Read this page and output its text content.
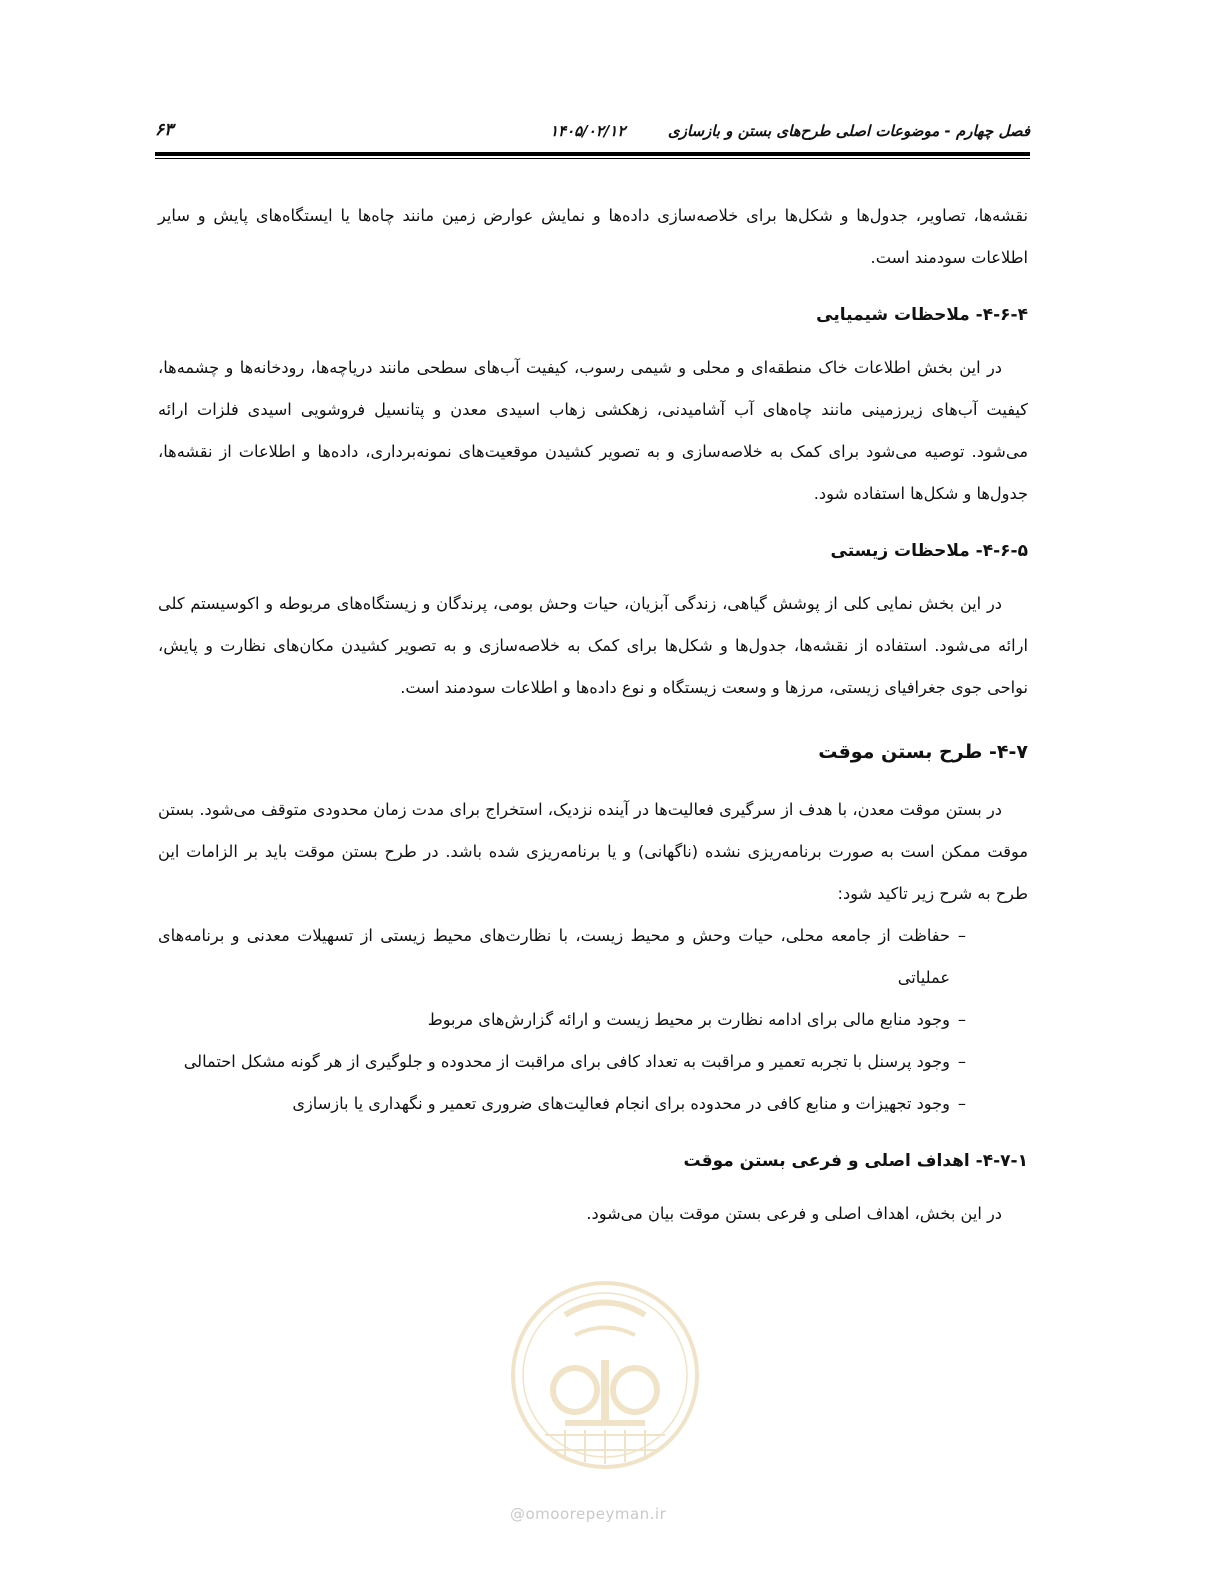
فصل چهارم - موضوعات اصلی طرح‌های بستن و بازسازی
۱۴۰۵/۰۲/۱۲
۶۳

نقشه‌ها، تصاویر، جدول‌ها و شکل‌ها برای خلاصه‌سازی داده‌ها و نمایش عوارض زمین مانند چاه‌ها یا ایستگاه‌های پایش و سایر اطلاعات سودمند است.

۴-۶-۴- ملاحظات شیمیایی

در این بخش اطلاعات خاک منطقه‌ای و محلی و شیمی رسوب، کیفیت آب‌های سطحی مانند دریاچه‌ها، رودخانه‌ها و چشمه‌ها، کیفیت آب‌های زیرزمینی مانند چاه‌های آب آشامیدنی، زهکشی زهاب اسیدی معدن و پتانسیل فروشویی اسیدی فلزات ارائه می‌شود. توصیه می‌شود برای کمک به خلاصه‌سازی و به تصویر کشیدن موقعیت‌های نمونه‌برداری، داده‌ها و اطلاعات از نقشه‌ها، جدول‌ها و شکل‌ها استفاده شود.

۴-۶-۵- ملاحظات زیستی

در این بخش نمایی کلی از پوشش گیاهی، زندگی آبزیان، حیات وحش بومی، پرندگان و زیستگاه‌های مربوطه و اکوسیستم کلی ارائه می‌شود. استفاده از نقشه‌ها، جدول‌ها و شکل‌ها برای کمک به خلاصه‌سازی و به تصویر کشیدن مکان‌های نظارت و پایش، نواحی جوی جغرافیای زیستی، مرزها و وسعت زیستگاه و نوع داده‌ها و اطلاعات سودمند است.

۴-۷- طرح بستن موقت

در بستن موقت معدن، با هدف از سرگیری فعالیت‌ها در آینده نزدیک، استخراج برای مدت زمان محدودی متوقف می‌شود. بستن موقت ممکن است به صورت برنامه‌ریزی نشده (ناگهانی) و یا برنامه‌ریزی شده باشد. در طرح بستن موقت باید بر الزامات این طرح به شرح زیر تاکید شود:

–
حفاظت از جامعه محلی، حیات وحش و محیط زیست، با نظارت‌های محیط زیستی از تسهیلات معدنی و برنامه‌های عملیاتی
–
وجود منابع مالی برای ادامه نظارت بر محیط زیست و ارائه گزارش‌های مربوط
–
وجود پرسنل با تجربه تعمیر و مراقبت به تعداد کافی برای مراقبت از محدوده و جلوگیری از هر گونه مشکل احتمالی
–
وجود تجهیزات و منابع کافی در محدوده برای انجام فعالیت‌های ضروری تعمیر و نگهداری یا بازسازی
۴-۷-۱- اهداف اصلی و فرعی بستن موقت

در این بخش، اهداف اصلی و فرعی بستن موقت بیان می‌شود.

@omoorepeyman.ir
